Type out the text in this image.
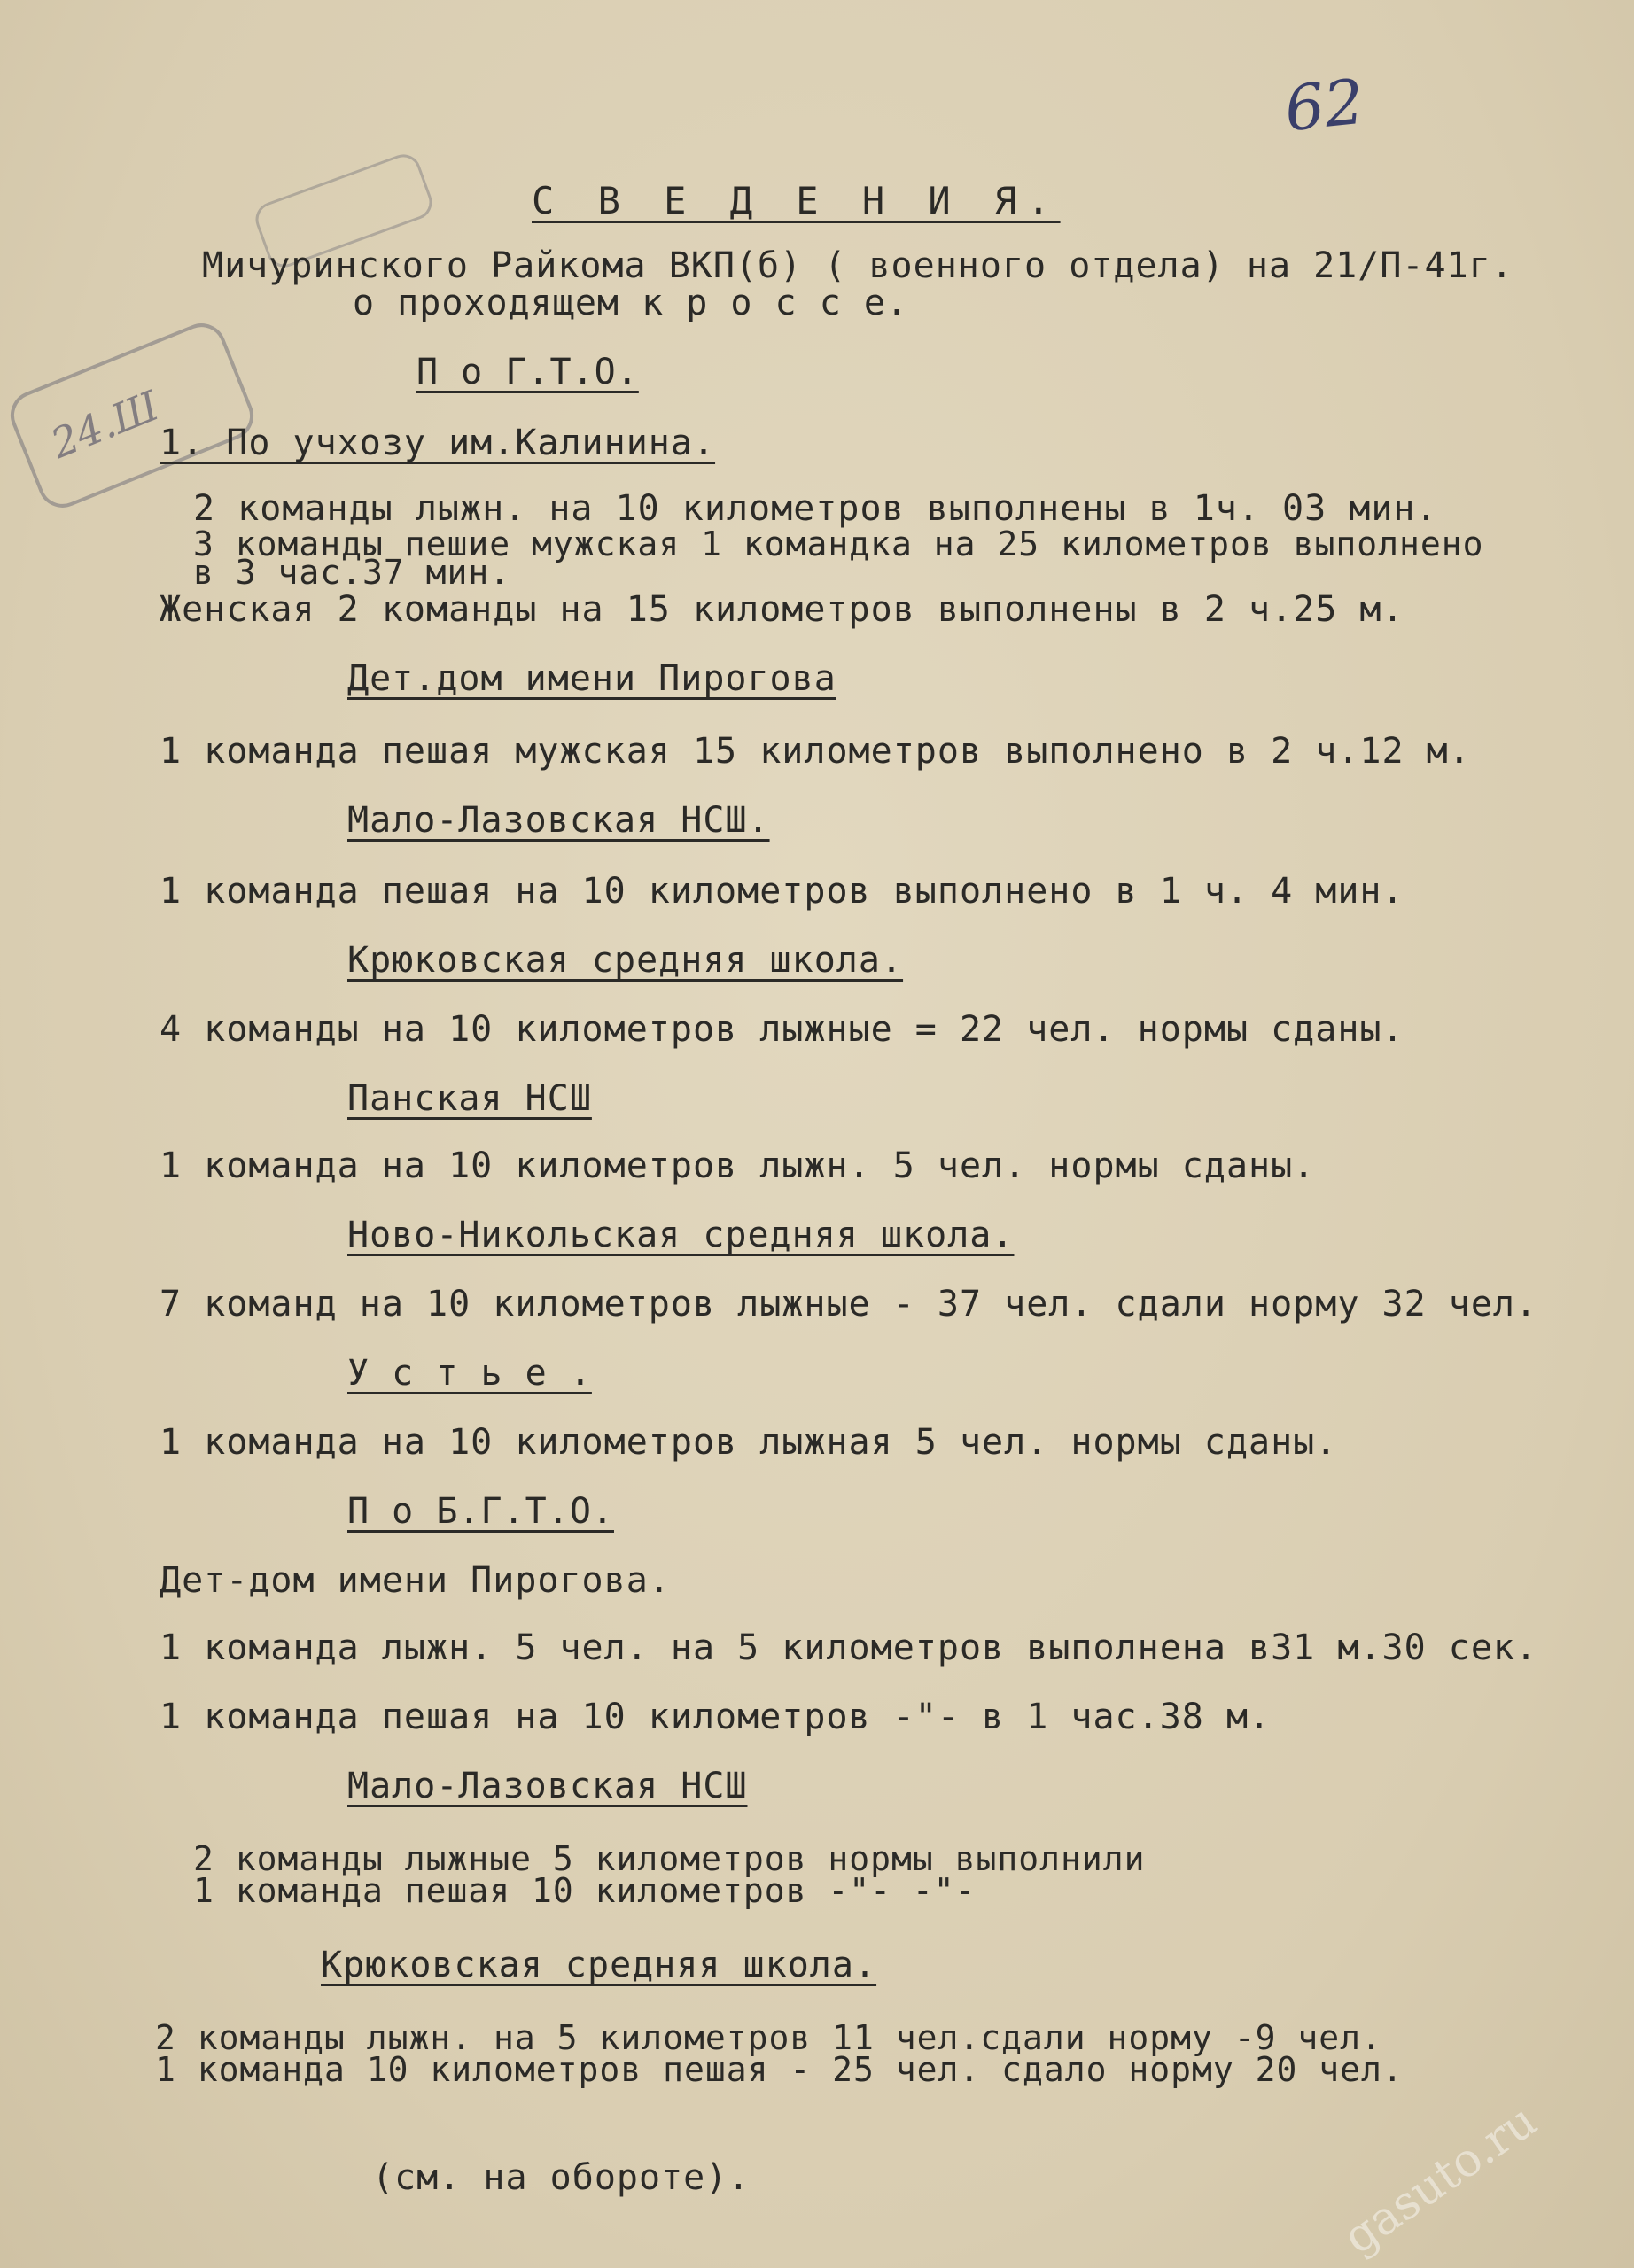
62
24.Ш
С В Е Д Е Н И Я.
Мичуринского Райкома ВКП(б) ( военного отдела) на 21/П-41г.
о проходящем к р о с с е.
П о Г.Т.О.
1. По учхозу им.Калинина.
2 команды лыжн. на 10 километров выполнены в 1ч. 03 мин.
3 команды пешие мужская 1 командка на 25 километров выполнено
в 3 час.37 мин.
Женская 2 команды на 15 километров выполнены в 2 ч.25 м.
Дет.дом имени Пирогова
1 команда пешая мужская 15 километров выполнено в 2 ч.12 м.
Мало-Лазовская НСШ.
1 команда пешая на 10 километров выполнено в 1 ч. 4 мин.
Крюковская средняя школа.
4 команды на 10 километров лыжные = 22 чел. нормы сданы.
Панская НСШ
1 команда на 10 километров лыжн. 5 чел. нормы сданы.
Ново-Никольская средняя школа.
7 команд на 10 километров лыжные - 37 чел. сдали норму 32 чел.
У с т ь е .
1 команда на 10 километров лыжная 5 чел. нормы сданы.
П о Б.Г.Т.О.
Дет-дом имени Пирогова.
1 команда лыжн. 5 чел. на 5 километров выполнена в31 м.30 сек.
1 команда пешая на 10 километров -"- в 1 час.38 м.
Мало-Лазовская НСШ
2 команды лыжные 5 километров нормы выполнили
1 команда пешая 10 километров -"- -"-
Крюковская средняя школа.
2 команды лыжн. на 5 километров 11 чел.сдали норму -9 чел.
1 команда 10 километров пешая - 25 чел. сдало норму 20 чел.
(см. на обороте).	gasuto.ru
